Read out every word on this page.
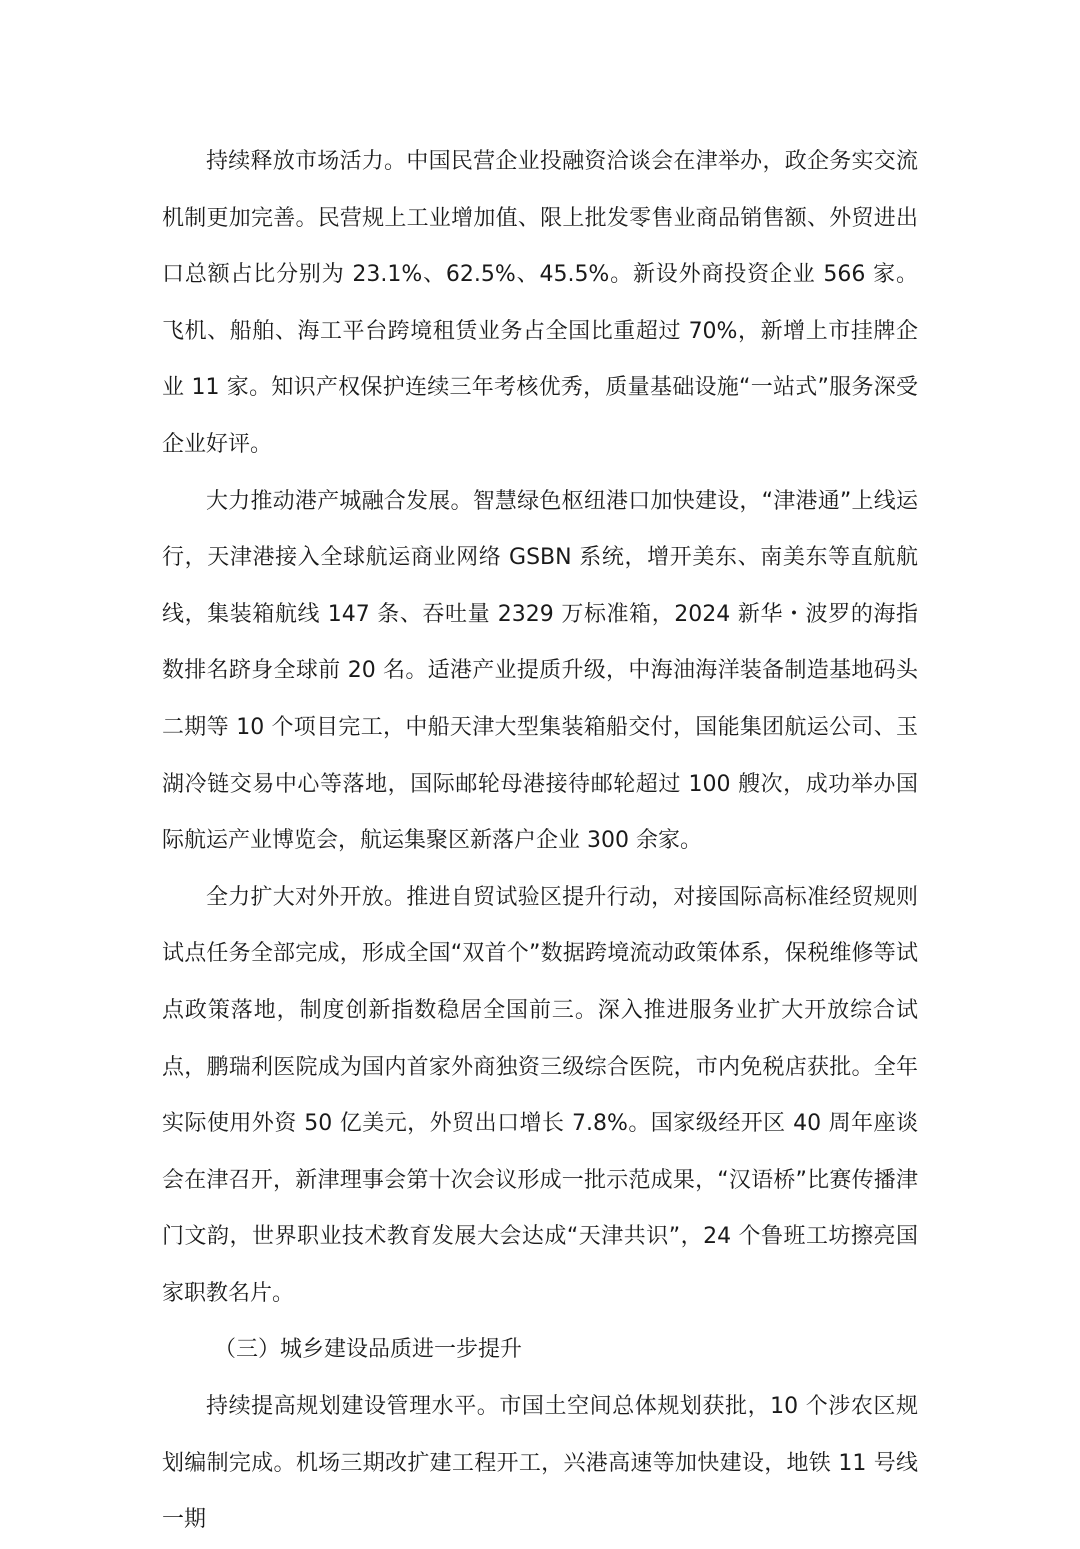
持续释放市场活力。中国民营企业投融资洽谈会在津举办，政企务实交流机制更加完善。民营规上工业增加值、限上批发零售业商品销售额、外贸进出口总额占比分别为 23.1%、62.5%、45.5%。新设外商投资企业 566 家。飞机、船舶、海工平台跨境租赁业务占全国比重超过 70%，新增上市挂牌企业 11 家。知识产权保护连续三年考核优秀，质量基础设施“一站式”服务深受企业好评。

大力推动港产城融合发展。智慧绿色枢纽港口加快建设，“津港通”上线运行，天津港接入全球航运商业网络 GSBN 系统，增开美东、南美东等直航航线，集装箱航线 147 条、吞吐量 2329 万标准箱，2024 新华・波罗的海指数排名跻身全球前 20 名。适港产业提质升级，中海油海洋装备制造基地码头二期等 10 个项目完工，中船天津大型集装箱船交付，国能集团航运公司、玉湖冷链交易中心等落地，国际邮轮母港接待邮轮超过 100 艘次，成功举办国际航运产业博览会，航运集聚区新落户企业 300 余家。

全力扩大对外开放。推进自贸试验区提升行动，对接国际高标准经贸规则试点任务全部完成，形成全国“双首个”数据跨境流动政策体系，保税维修等试点政策落地，制度创新指数稳居全国前三。深入推进服务业扩大开放综合试点，鹏瑞利医院成为国内首家外商独资三级综合医院，市内免税店获批。全年实际使用外资 50 亿美元，外贸出口增长 7.8%。国家级经开区 40 周年座谈会在津召开，新津理事会第十次会议形成一批示范成果，“汉语桥”比赛传播津门文韵，世界职业技术教育发展大会达成“天津共识”，24 个鲁班工坊擦亮国家职教名片。

（三）城乡建设品质进一步提升

持续提高规划建设管理水平。市国土空间总体规划获批，10 个涉农区规划编制完成。机场三期改扩建工程开工，兴港高速等加快建设，地铁 11 号线一期
